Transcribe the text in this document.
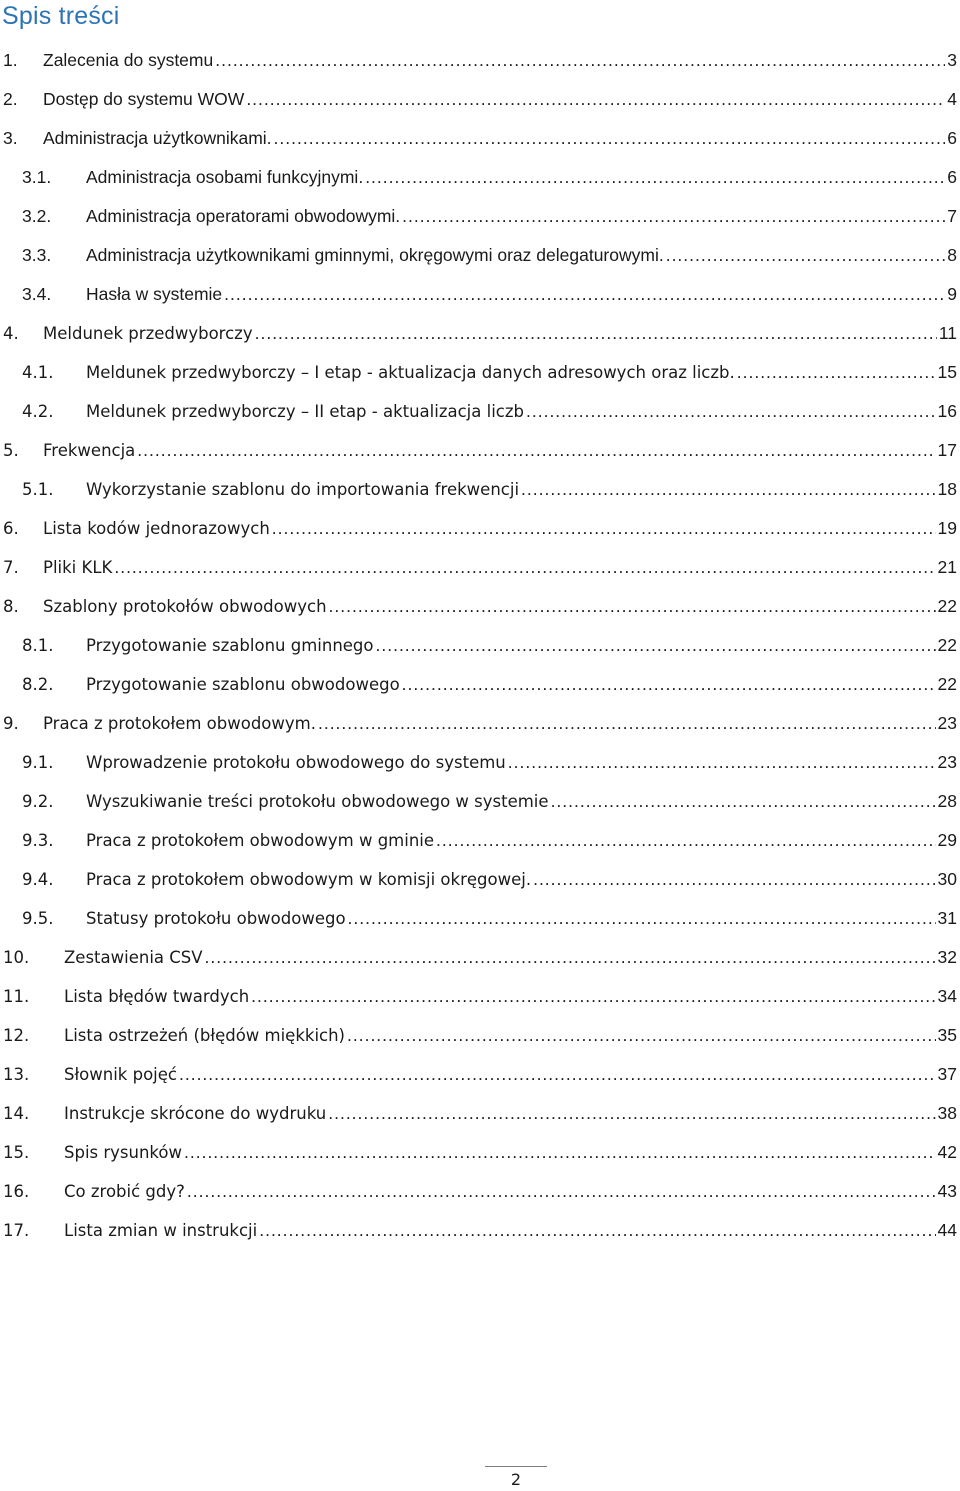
Spis treści
1. Zalecenia do systemu .....	3
2. Dostęp do systemu WOW .....	4
3. Administracja użytkownikami. .....	6
3.1. Administracja osobami funkcyjnymi. .....	6
3.2. Administracja operatorami obwodowymi. .....	7
3.3. Administracja użytkownikami gminnymi, okręgowymi oraz delegaturowymi. .....	8
3.4. Hasła w systemie .....	9
4. Meldunek przedwyborczy .....	11
4.1. Meldunek przedwyborczy – I etap - aktualizacja danych adresowych oraz liczb. .....	15
4.2. Meldunek przedwyborczy – II etap - aktualizacja liczb .....	16
5. Frekwencja .....	17
5.1. Wykorzystanie szablonu do importowania frekwencji .....	18
6. Lista kodów jednorazowych .....	19
7. Pliki KLK .....	21
8. Szablony protokołów obwodowych .....	22
8.1. Przygotowanie szablonu gminnego .....	22
8.2. Przygotowanie szablonu obwodowego .....	22
9. Praca z protokołem obwodowym. .....	23
9.1. Wprowadzenie protokołu obwodowego do systemu .....	23
9.2. Wyszukiwanie treści protokołu obwodowego w systemie .....	28
9.3. Praca z protokołem obwodowym w gminie .....	29
9.4. Praca z protokołem obwodowym w komisji okręgowej. .....	30
9.5. Statusy protokołu obwodowego .....	31
10. Zestawienia CSV .....	32
11. Lista błędów twardych .....	34
12. Lista ostrzeżeń (błędów miękkich) .....	35
13. Słownik pojęć .....	37
14. Instrukcje skrócone do wydruku .....	38
15. Spis rysunków .....	42
16. Co zrobić gdy? .....	43
17. Lista zmian w instrukcji .....	44
2
